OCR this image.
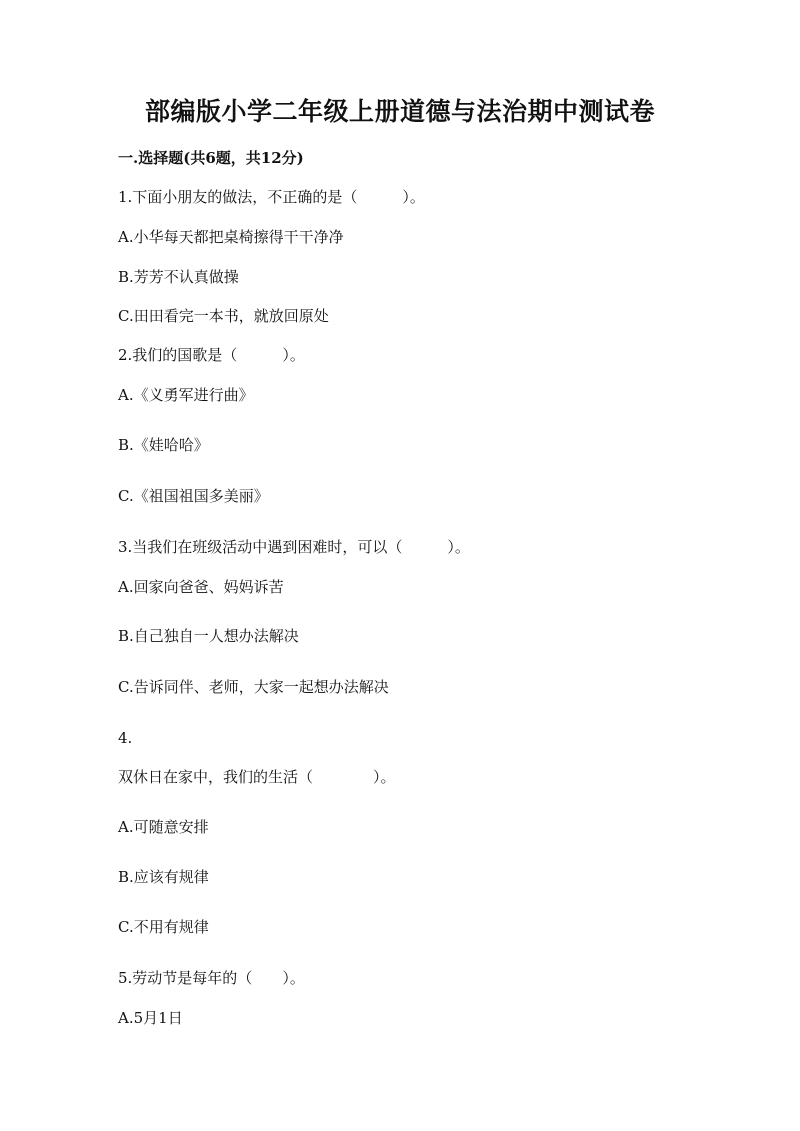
部编版小学二年级上册道德与法治期中测试卷
一.选择题(共6题，共12分)
1.下面小朋友的做法，不正确的是（　　　）。
A.小华每天都把桌椅擦得干干净净
B.芳芳不认真做操
C.田田看完一本书，就放回原处
2.我们的国歌是（　　　）。
A.《义勇军进行曲》
B.《娃哈哈》
C.《祖国祖国多美丽》
3.当我们在班级活动中遇到困难时，可以（　　　）。
A.回家向爸爸、妈妈诉苦
B.自己独自一人想办法解决
C.告诉同伴、老师，大家一起想办法解决
4.
双休日在家中，我们的生活（　　　　）。
A.可随意安排
B.应该有规律
C.不用有规律
5.劳动节是每年的（　　）。
A.5月1日
